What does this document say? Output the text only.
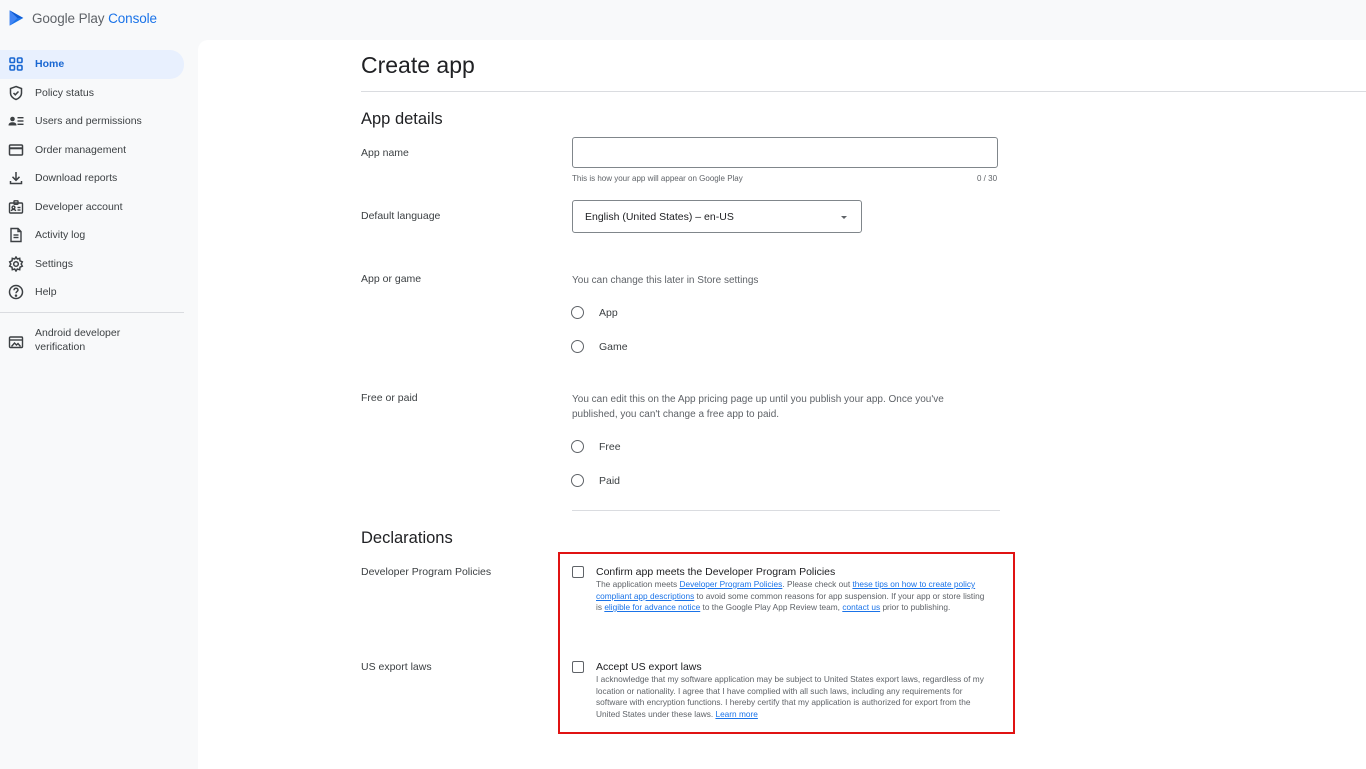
Google Play Console
Home
Policy status
Users and permissions
Order management
Download reports
Developer account
Activity log
Settings
Help
Android developer
verification
Create app
App details
App name
This is how your app will appear on Google Play	0 / 30
Default language	English (United States) – en-US
App or game	You can change this later in Store settings
App
Game
Free or paid	You can edit this on the App pricing page up until you publish your app. Once you've published, you can't change a free app to paid.
Free
Paid
Declarations
Developer Program Policies	Confirm app meets the Developer Program Policies
The application meets Developer Program Policies. Please check out these tips on how to create policy compliant app descriptions to avoid some common reasons for app suspension. If your app or store listing is eligible for advance notice to the Google Play App Review team, contact us prior to publishing.
US export laws	Accept US export laws
I acknowledge that my software application may be subject to United States export laws, regardless of my location or nationality. I agree that I have complied with all such laws, including any requirements for software with encryption functions. I hereby certify that my application is authorized for export from the United States under these laws. Learn more
